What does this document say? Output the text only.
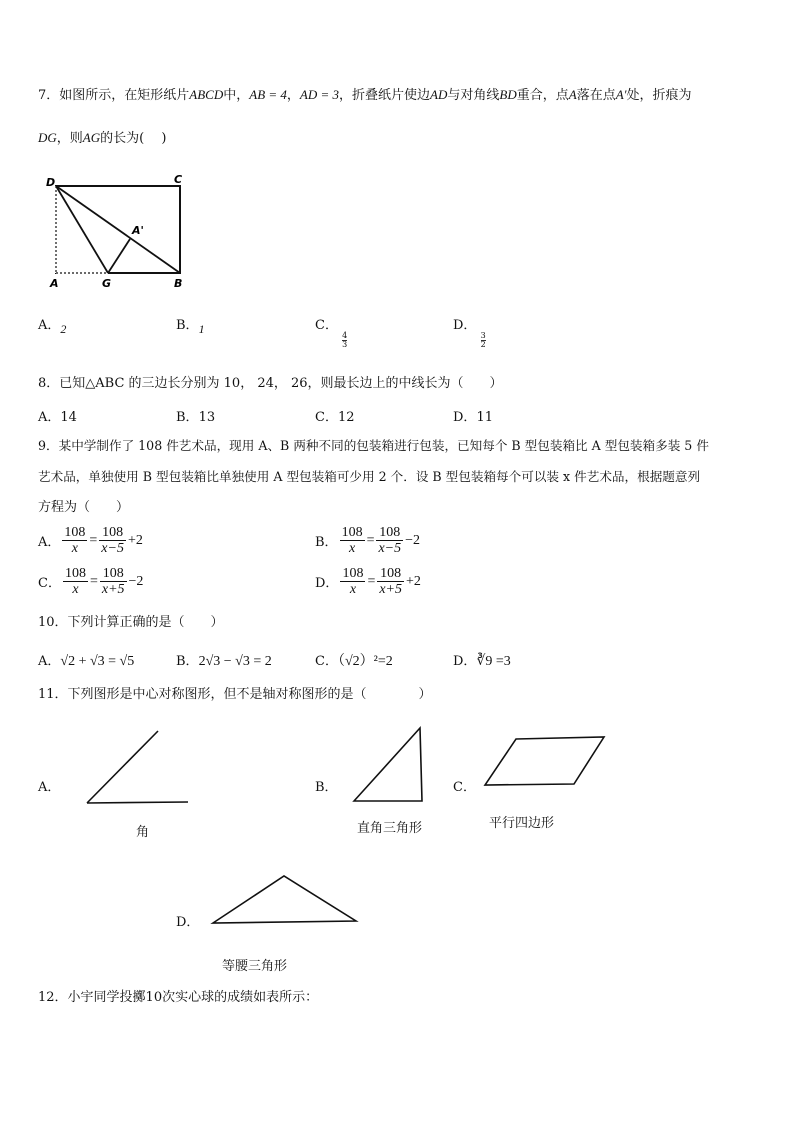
7．如图所示，在矩形纸片ABCD中，AB = 4，AD = 3，折叠纸片使边AD与对角线BD重合，点A落在点A′处，折痕为
DG，则AG的长为(　 )
D	C
A'
A	G	B
A．2	B．1	C．
$\frac{4}{3}$
D．
$\frac{3}{2}$
8．已知△ABC 的三边长分别为 10， 24， 26，则最长边上的中线长为（　　）
A．14	B．13	C．12	D．11
9．某中学制作了 108 件艺术品，现用 A、B 两种不同的包装箱进行包装，已知每个 B 型包装箱比 A 型包装箱多装 5 件
艺术品，单独使用 B 型包装箱比单独使用 A 型包装箱可少用 2 个．设 B 型包装箱每个可以装 x 件艺术品，根据题意列
方程为（　　）
A． $\frac{108}{x} = \frac{108}{x-5} +2$	B． $\frac{108}{x} = \frac{108}{x-5} -2$
C． $\frac{108}{x} = \frac{108}{x+5} -2$	D． $\frac{108}{x} = \frac{108}{x+5} +2$
10．下列计算正确的是（　　）
A．√2 + √3 = √5	B．2√3 − √3 = 2	C．（√2）²=2	D．∛9 =3
11．下列图形是中心对称图形，但不是轴对称图形的是（　　　　）
A．
角
B．
直角三角形
C．
平行四边形
D．
等腰三角形
12．小宇同学投擲10次实心球的成绩如表所示：
